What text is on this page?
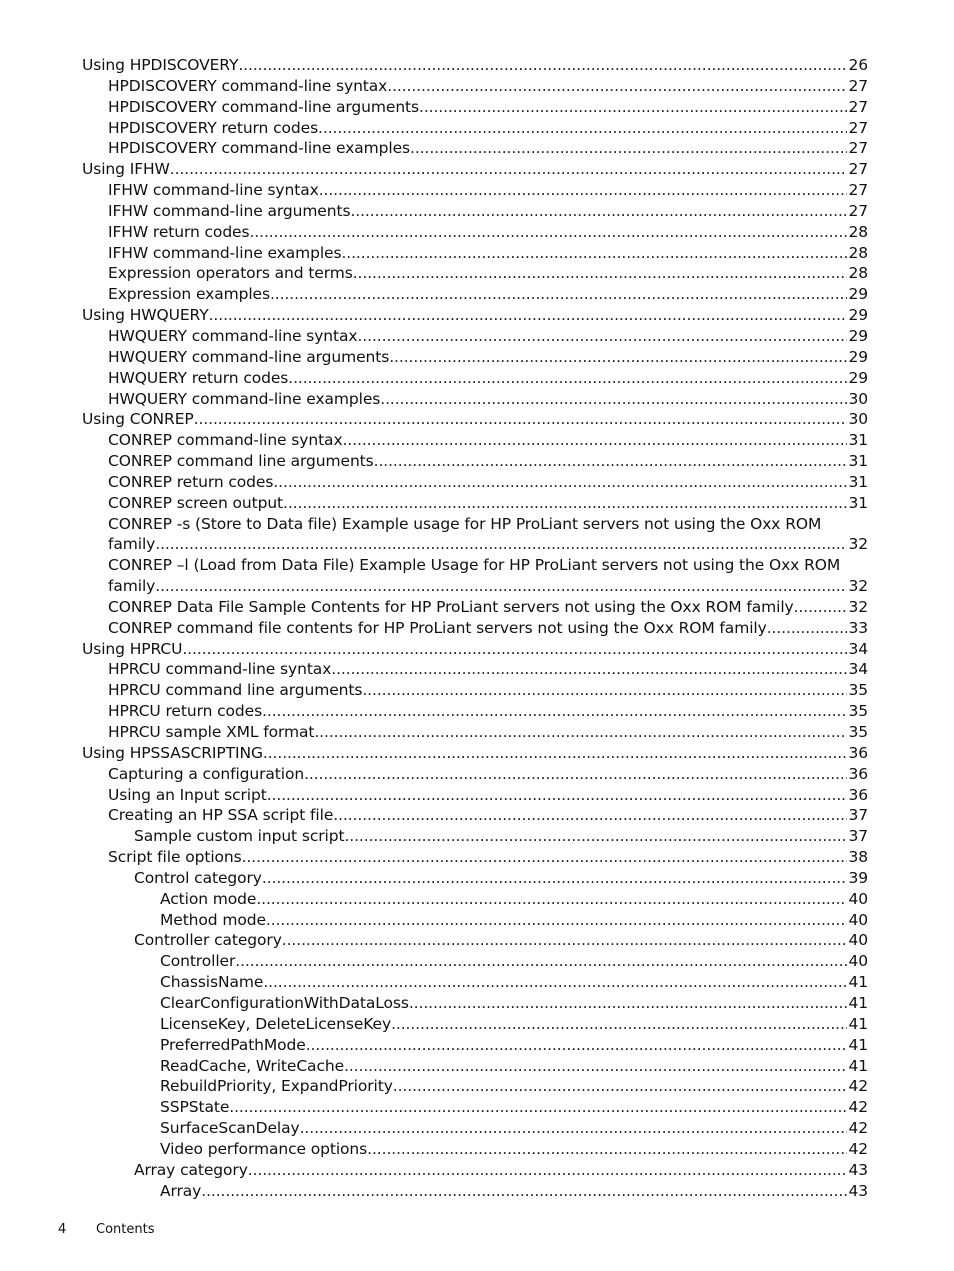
Using HPDISCOVERY .....	26
HPDISCOVERY command-line syntax .....	27
HPDISCOVERY command-line arguments .....	27
HPDISCOVERY return codes .....	27
HPDISCOVERY command-line examples .....	27
Using IFHW .....	27
IFHW command-line syntax .....	27
IFHW command-line arguments .....	27
IFHW return codes .....	28
IFHW command-line examples .....	28
Expression operators and terms .....	28
Expression examples .....	29
Using HWQUERY .....	29
HWQUERY command-line syntax .....	29
HWQUERY command-line arguments .....	29
HWQUERY return codes .....	29
HWQUERY command-line examples .....	30
Using CONREP .....	30
CONREP command-line syntax .....	31
CONREP command line arguments .....	31
CONREP return codes .....	31
CONREP screen output .....	31
CONREP -s (Store to Data file) Example usage for HP ProLiant servers not using the Oxx ROM
family .....	32
CONREP –l (Load from Data File) Example Usage for HP ProLiant servers not using the Oxx ROM
family .....	32
CONREP Data File Sample Contents for HP ProLiant servers not using the Oxx ROM family .....	32
CONREP command file contents for HP ProLiant servers not using the Oxx ROM family .....	33
Using HPRCU .....	34
HPRCU command-line syntax .....	34
HPRCU command line arguments .....	35
HPRCU return codes .....	35
HPRCU sample XML format .....	35
Using HPSSASCRIPTING .....	36
Capturing a configuration .....	36
Using an Input script .....	36
Creating an HP SSA script file .....	37
Sample custom input script .....	37
Script file options .....	38
Control category .....	39
Action mode .....	40
Method mode .....	40
Controller category .....	40
Controller .....	40
ChassisName .....	41
ClearConfigurationWithDataLoss .....	41
LicenseKey, DeleteLicenseKey .....	41
PreferredPathMode .....	41
ReadCache, WriteCache .....	41
RebuildPriority, ExpandPriority .....	42
SSPState .....	42
SurfaceScanDelay .....	42
Video performance options .....	42
Array category .....	43
Array .....	43
4 Contents
